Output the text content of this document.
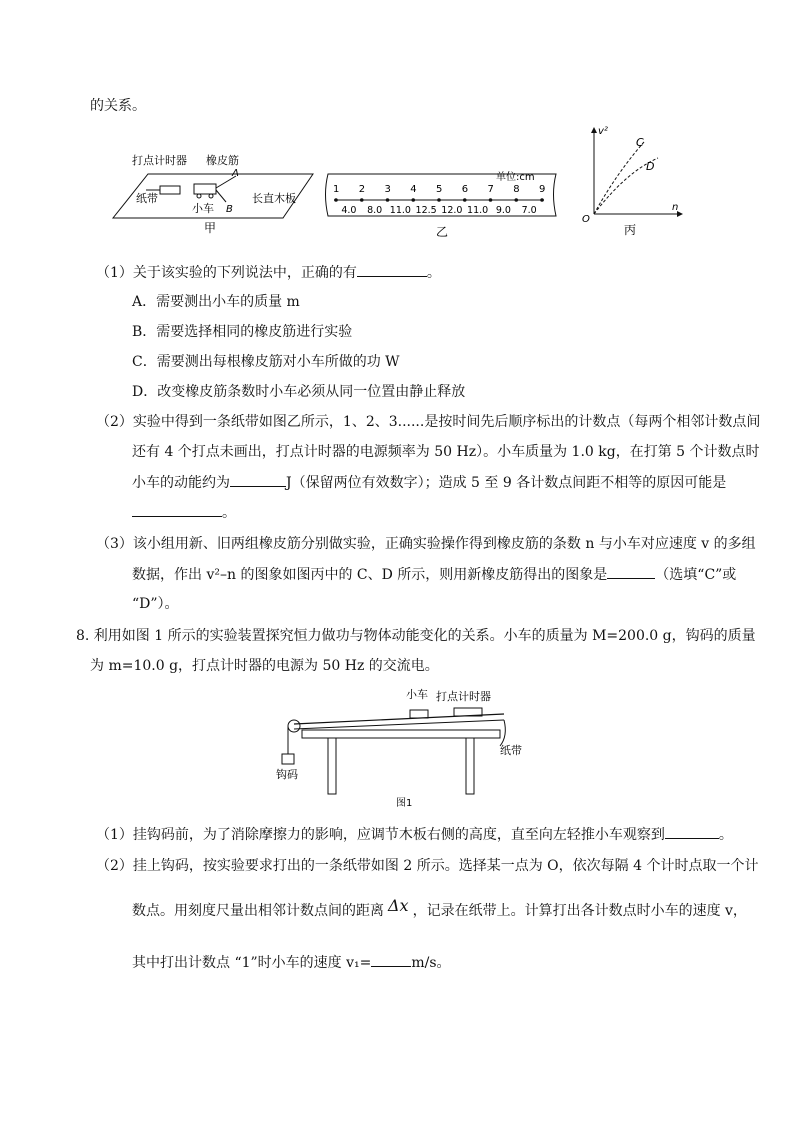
的关系。
打点计时器 橡皮筋
A
纸带
小车 B
长直木板
甲
单位:cm
1 2 3 4 5 6 7 8 9
4.0 8.0 11.0 12.5 12.0 11.0 9.0 7.0
乙
v²
n
O
C
D
丙
（1）关于该实验的下列说法中，正确的有	。
A．需要测出小车的质量 m
B．需要选择相同的橡皮筋进行实验
C．需要测出每根橡皮筋对小车所做的功 W
D．改变橡皮筋条数时小车必须从同一位置由静止释放
（2）实验中得到一条纸带如图乙所示，1、2、3......是按时间先后顺序标出的计数点（每两个相邻计数点间
还有 4 个打点未画出，打点计时器的电源频率为 50 Hz）。小车质量为 1.0 kg，在打第 5 个计数点时
小车的动能约为	J（保留两位有效数字）；造成 5 至 9 各计数点间距不相等的原因可能是
。
（3）该小组用新、旧两组橡皮筋分别做实验，正确实验操作得到橡皮筋的条数 n 与小车对应速度 v 的多组
数据，作出 v²–n 的图象如图丙中的 C、D 所示，则用新橡皮筋得出的图象是	（选填“C”或
“D”）。
8. 利用如图 1 所示的实验装置探究恒力做功与物体动能变化的关系。小车的质量为 M=200.0 g，钩码的质量
为 m=10.0 g，打点计时器的电源为 50 Hz 的交流电。
小车 打点计时器
纸带
钩码
图1
（1）挂钩码前，为了消除摩擦力的影响，应调节木板右侧的高度，直至向左轻推小车观察到	。
（2）挂上钩码，按实验要求打出的一条纸带如图 2 所示。选择某一点为 O，依次每隔 4 个计时点取一个计
数点。用刻度尺量出相邻计数点间的距离 Δx ，记录在纸带上。计算打出各计数点时小车的速度 v，
其中打出计数点 “1”时小车的速度 v₁=	m/s。
